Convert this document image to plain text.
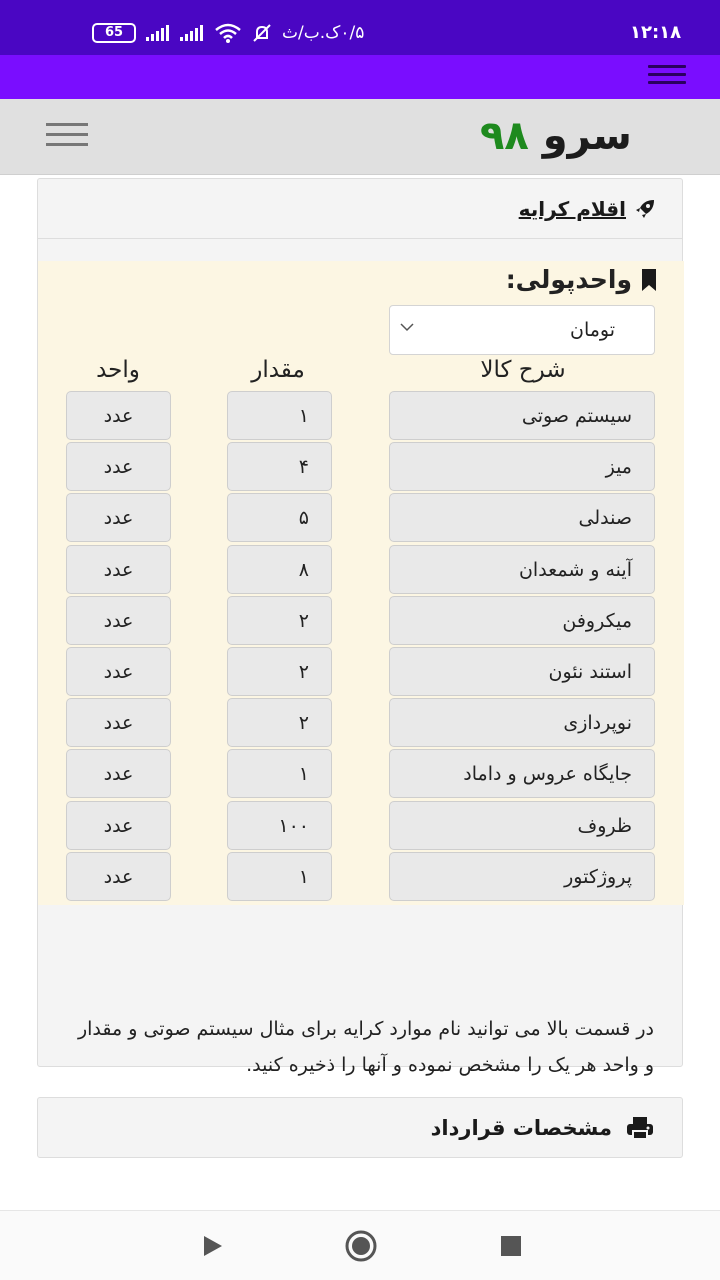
65	۰/۵ک.ب/ث	۱۲:۱۸
سرو ۹۸
اقلام کرایه
واحدپولی:
تومان
شرح کالا
مقدار
واحد
سیستم صوتی
۱
عدد
میز
۴
عدد
صندلی
۵
عدد
آینه و شمعدان
۸
عدد
میکروفن
۲
عدد
استند نئون
۲
عدد
نوپردازی
۲
عدد
جایگاه عروس و داماد
۱
عدد
ظروف
۱۰۰
عدد
پروژکتور
۱
عدد
در قسمت بالا می توانید نام موارد کرایه برای مثال سیستم صوتی و مقدار و واحد هر یک را مشخص نموده و آنها را ذخیره کنید.
مشخصات قرارداد
